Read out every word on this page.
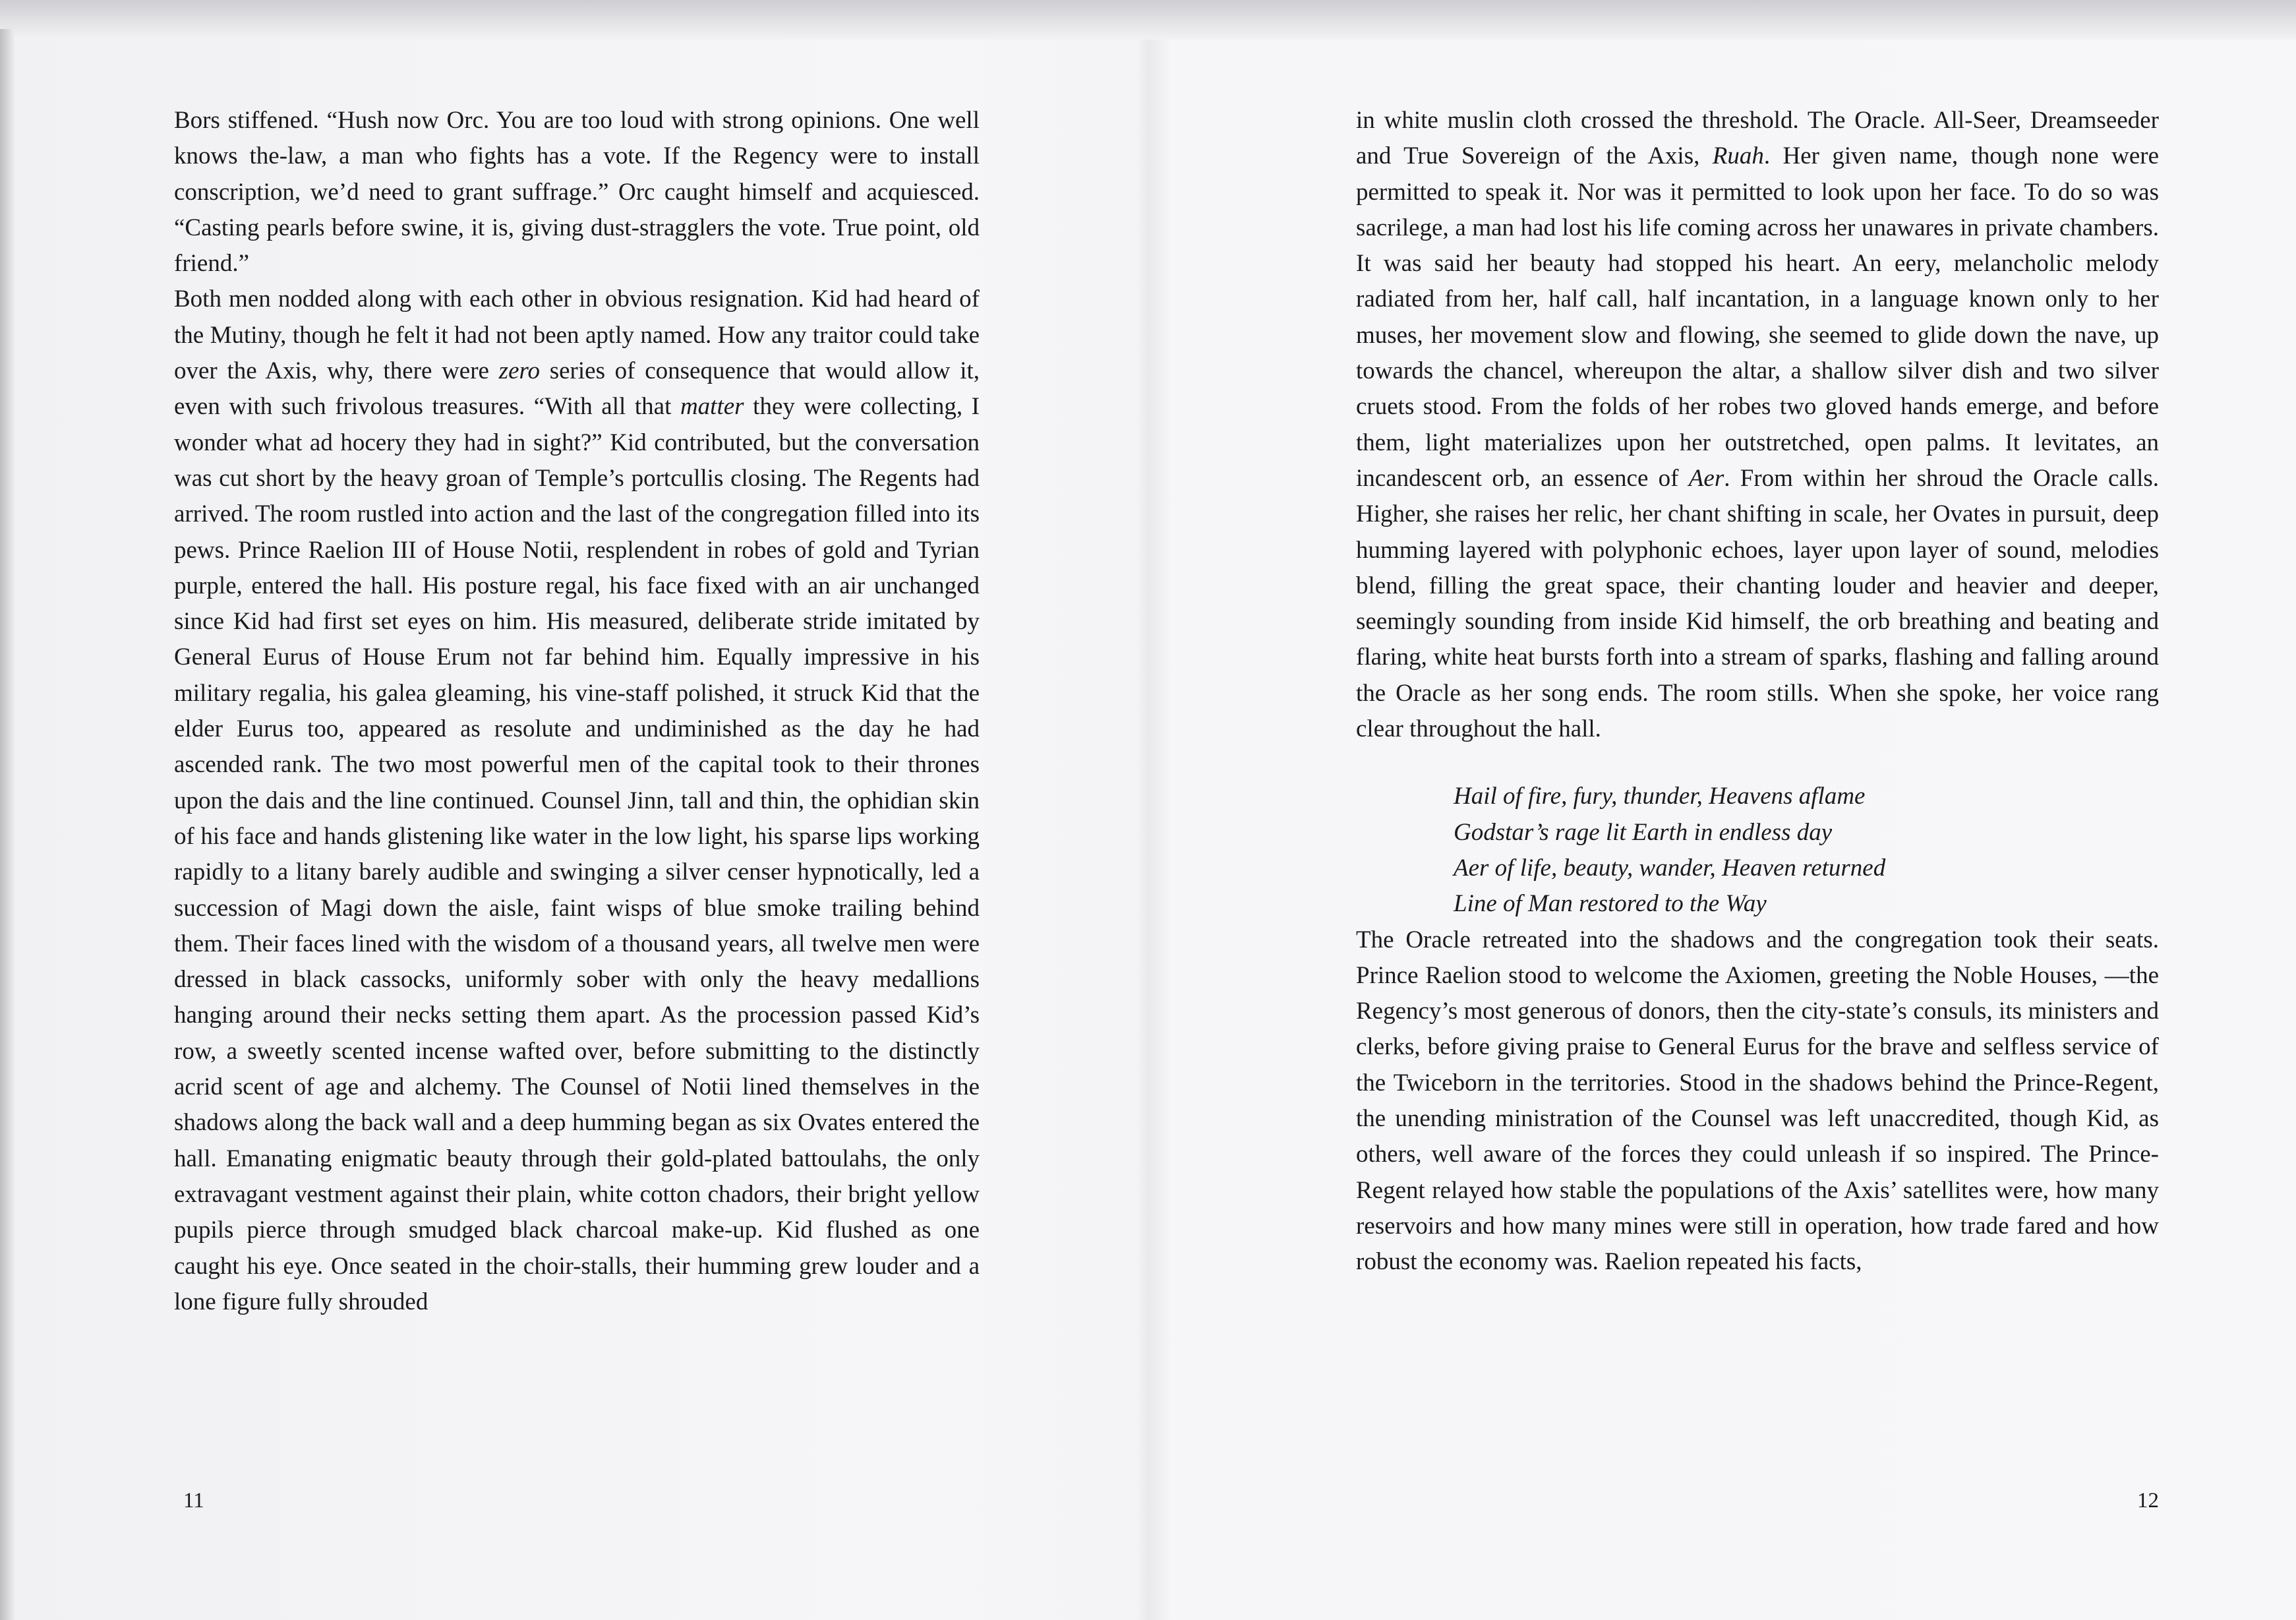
Bors stiffened. “Hush now Orc. You are too loud with strong opinions. One well knows the-law, a man who fights has a vote. If the Regency were to install conscription, we’d need to grant suffrage.” Orc caught himself and acquiesced. “Casting pearls before swine, it is, giving dust-stragglers the vote. True point, old friend.”

Both men nodded along with each other in obvious resignation. Kid had heard of the Mutiny, though he felt it had not been aptly named. How any traitor could take over the Axis, why, there were zero series of consequence that would allow it, even with such frivolous treasures. “With all that matter they were collecting, I wonder what ad hocery they had in sight?” Kid contributed, but the conversation was cut short by the heavy groan of Temple’s portcullis closing. The Regents had arrived. The room rustled into action and the last of the congregation filled into its pews. Prince Raelion III of House Notii, resplendent in robes of gold and Tyrian purple, entered the hall. His posture regal, his face fixed with an air unchanged since Kid had first set eyes on him. His measured, deliberate stride imitated by General Eurus of House Erum not far behind him. Equally impressive in his military regalia, his galea gleaming, his vine-staff polished, it struck Kid that the elder Eurus too, appeared as resolute and undiminished as the day he had ascended rank. The two most powerful men of the capital took to their thrones upon the dais and the line continued. Counsel Jinn, tall and thin, the ophidian skin of his face and hands glistening like water in the low light, his sparse lips working rapidly to a litany barely audible and swinging a silver censer hypnotically, led a succession of Magi down the aisle, faint wisps of blue smoke trailing behind them. Their faces lined with the wisdom of a thousand years, all twelve men were dressed in black cassocks, uniformly sober with only the heavy medallions hanging around their necks setting them apart. As the procession passed Kid’s row, a sweetly scented incense wafted over, before submitting to the distinctly acrid scent of age and alchemy. The Counsel of Notii lined themselves in the shadows along the back wall and a deep humming began as six Ovates entered the hall. Emanating enigmatic beauty through their gold-plated battoulahs, the only extravagant vestment against their plain, white cotton chadors, their bright yellow pupils pierce through smudged black charcoal make-up. Kid flushed as one caught his eye. Once seated in the choir-stalls, their humming grew louder and a lone figure fully shrouded

11

in white muslin cloth crossed the threshold. The Oracle. All-Seer, Dreamseeder and True Sovereign of the Axis, Ruah. Her given name, though none were permitted to speak it. Nor was it permitted to look upon her face. To do so was sacrilege, a man had lost his life coming across her unawares in private chambers. It was said her beauty had stopped his heart. An eery, melancholic melody radiated from her, half call, half incantation, in a language known only to her muses, her movement slow and flowing, she seemed to glide down the nave, up towards the chancel, whereupon the altar, a shallow silver dish and two silver cruets stood. From the folds of her robes two gloved hands emerge, and before them, light materializes upon her outstretched, open palms. It levitates, an incandescent orb, an essence of Aer. From within her shroud the Oracle calls. Higher, she raises her relic, her chant shifting in scale, her Ovates in pursuit, deep humming layered with polyphonic echoes, layer upon layer of sound, melodies blend, filling the great space, their chanting louder and heavier and deeper, seemingly sounding from inside Kid himself, the orb breathing and beating and flaring, white heat bursts forth into a stream of sparks, flashing and falling around the Oracle as her song ends. The room stills. When she spoke, her voice rang clear throughout the hall.

Hail of fire, fury, thunder, Heavens aflame
Godstar’s rage lit Earth in endless day
Aer of life, beauty, wander, Heaven returned
Line of Man restored to the Way

The Oracle retreated into the shadows and the congregation took their seats. Prince Raelion stood to welcome the Axiomen, greeting the Noble Houses, —the Regency’s most generous of donors, then the city-state’s consuls, its ministers and clerks, before giving praise to General Eurus for the brave and selfless service of the Twiceborn in the territories. Stood in the shadows behind the Prince-Regent, the unending ministration of the Counsel was left unaccredited, though Kid, as others, well aware of the forces they could unleash if so inspired. The Prince-Regent relayed how stable the populations of the Axis’ satellites were, how many reservoirs and how many mines were still in operation, how trade fared and how robust the economy was. Raelion repeated his facts,

12
